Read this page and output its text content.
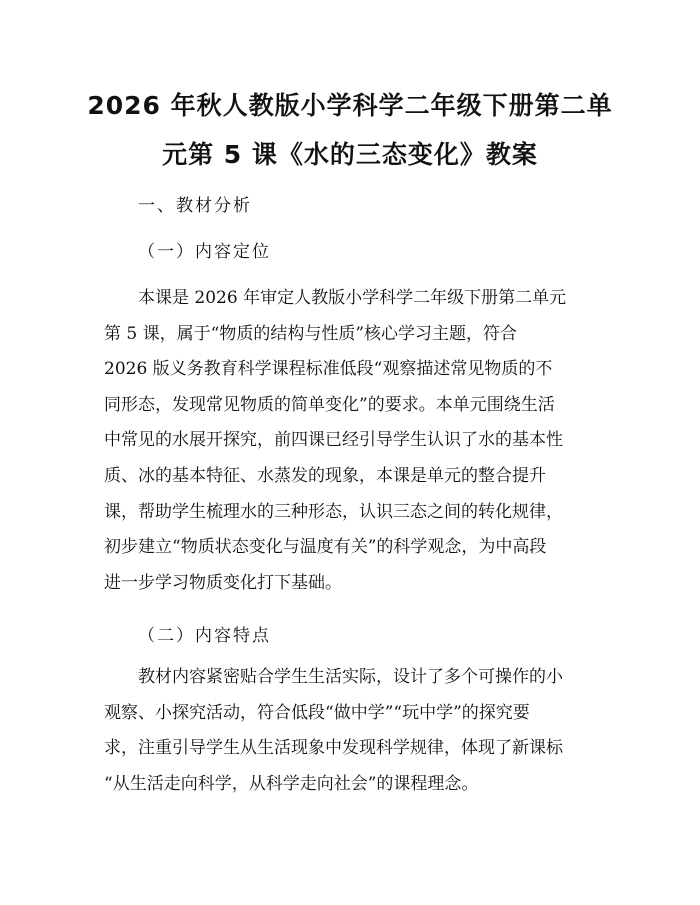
2026 年秋人教版小学科学二年级下册第二单
元第 5 课《水的三态变化》教案
一、教材分析
（一）内容定位
本课是 2026 年审定人教版小学科学二年级下册第二单元
第 5 课，属于“物质的结构与性质”核心学习主题，符合
2026 版义务教育科学课程标准低段“观察描述常见物质的不
同形态，发现常见物质的简单变化”的要求。本单元围绕生活
中常见的水展开探究，前四课已经引导学生认识了水的基本性
质、冰的基本特征、水蒸发的现象，本课是单元的整合提升
课，帮助学生梳理水的三种形态，认识三态之间的转化规律，
初步建立“物质状态变化与温度有关”的科学观念，为中高段
进一步学习物质变化打下基础。
（二）内容特点
教材内容紧密贴合学生生活实际，设计了多个可操作的小
观察、小探究活动，符合低段“做中学”“玩中学”的探究要
求，注重引导学生从生活现象中发现科学规律，体现了新课标
“从生活走向科学，从科学走向社会”的课程理念。
